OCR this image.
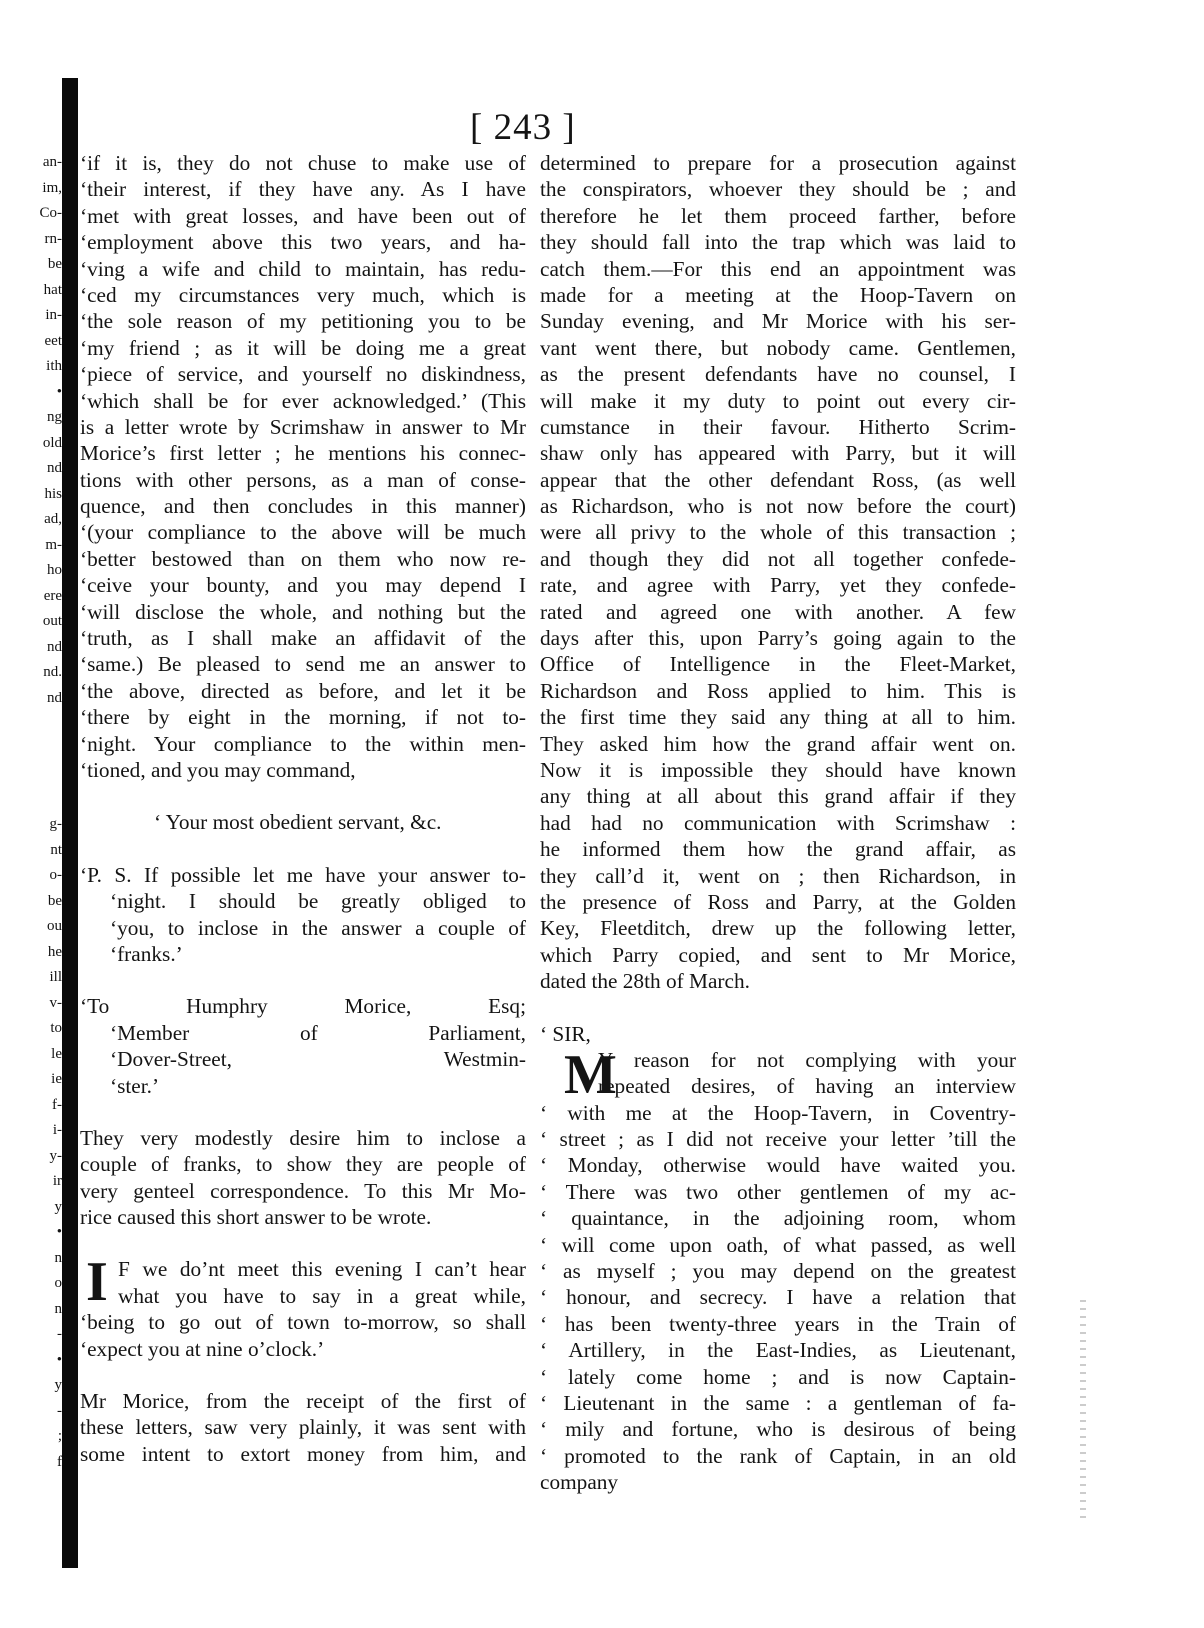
an-
im,
Co-
rn-
be
hat
in-
eet
ith
•
ng
old
nd
his
ad,
m-
ho
ere
out
nd
nd.
nd
g-
nt
o-
be
ou
he
ill
v-
to
le
ie
f-
i-
y-
ir
y
•
n
o
n
-
•
y
-
;
f
[ 243 ]
‘if it is, they do not chuse to make use of
‘their interest, if they have any. As I have
‘met with great losses, and have been out of
‘employment above this two years, and ha-
‘ving a wife and child to maintain, has redu-
‘ced my circumstances very much, which is
‘the sole reason of my petitioning you to be
‘my friend ; as it will be doing me a great
‘piece of service, and yourself no diskindness,
‘which shall be for ever acknowledged.’ (This
is a letter wrote by Scrimshaw in answer to Mr
Morice’s first letter ; he mentions his connec-
tions with other persons, as a man of conse-
quence, and then concludes in this manner)
‘(your compliance to the above will be much
‘better bestowed than on them who now re-
‘ceive your bounty, and you may depend I
‘will disclose the whole, and nothing but the
‘truth, as I shall make an affidavit of the
‘same.) Be pleased to send me an answer to
‘the above, directed as before, and let it be
‘there by eight in the morning, if not to-
‘night. Your compliance to the within men-
‘tioned, and you may command,
‘ Your most obedient servant, &c.
‘P. S. If possible let me have your answer to-
‘night. I should be greatly obliged to
‘you, to inclose in the answer a couple of
‘franks.’
‘To Humphry Morice, Esq;
‘Member of Parliament,
‘Dover-Street, Westmin-
‘ster.’
They very modestly desire him to inclose a
couple of franks, to show they are people of
very genteel correspondence. To this Mr Mo-
rice caused this short answer to be wrote.
I F we do’nt meet this evening I can’t hear
what you have to say in a great while,
‘being to go out of town to-morrow, so shall
‘expect you at nine o’clock.’
Mr Morice, from the receipt of the first of
these letters, saw very plainly, it was sent with
some intent to extort money from him, and
determined to prepare for a prosecution against
the conspirators, whoever they should be ; and
therefore he let them proceed farther, before
they should fall into the trap which was laid to
catch them.—For this end an appointment was
made for a meeting at the Hoop-Tavern on
Sunday evening, and Mr Morice with his ser-
vant went there, but nobody came. Gentlemen,
as the present defendants have no counsel, I
will make it my duty to point out every cir-
cumstance in their favour. Hitherto Scrim-
shaw only has appeared with Parry, but it will
appear that the other defendant Ross, (as well
as Richardson, who is not now before the court)
were all privy to the whole of this transaction ;
and though they did not all together confede-
rate, and agree with Parry, yet they confede-
rated and agreed one with another. A few
days after this, upon Parry’s going again to the
Office of Intelligence in the Fleet-Market,
Richardson and Ross applied to him. This is
the first time they said any thing at all to him.
They asked him how the grand affair went on.
Now it is impossible they should have known
any thing at all about this grand affair if they
had had no communication with Scrimshaw :
he informed them how the grand affair, as
they call’d it, went on ; then Richardson, in
the presence of Ross and Parry, at the Golden
Key, Fleetditch, drew up the following letter,
which Parry copied, and sent to Mr Morice,
dated the 28th of March.
‘ SIR,
M
Y reason for not complying with your
repeated desires, of having an interview
‘ with me at the Hoop-Tavern, in Coventry-
‘ street ; as I did not receive your letter ’till the
‘ Monday, otherwise would have waited you.
‘ There was two other gentlemen of my ac-
‘ quaintance, in the adjoining room, whom
‘ will come upon oath, of what passed, as well
‘ as myself ; you may depend on the greatest
‘ honour, and secrecy. I have a relation that
‘ has been twenty-three years in the Train of
‘ Artillery, in the East-Indies, as Lieutenant,
‘ lately come home ; and is now Captain-
‘ Lieutenant in the same : a gentleman of fa-
‘ mily and fortune, who is desirous of being
‘ promoted to the rank of Captain, in an old
company
